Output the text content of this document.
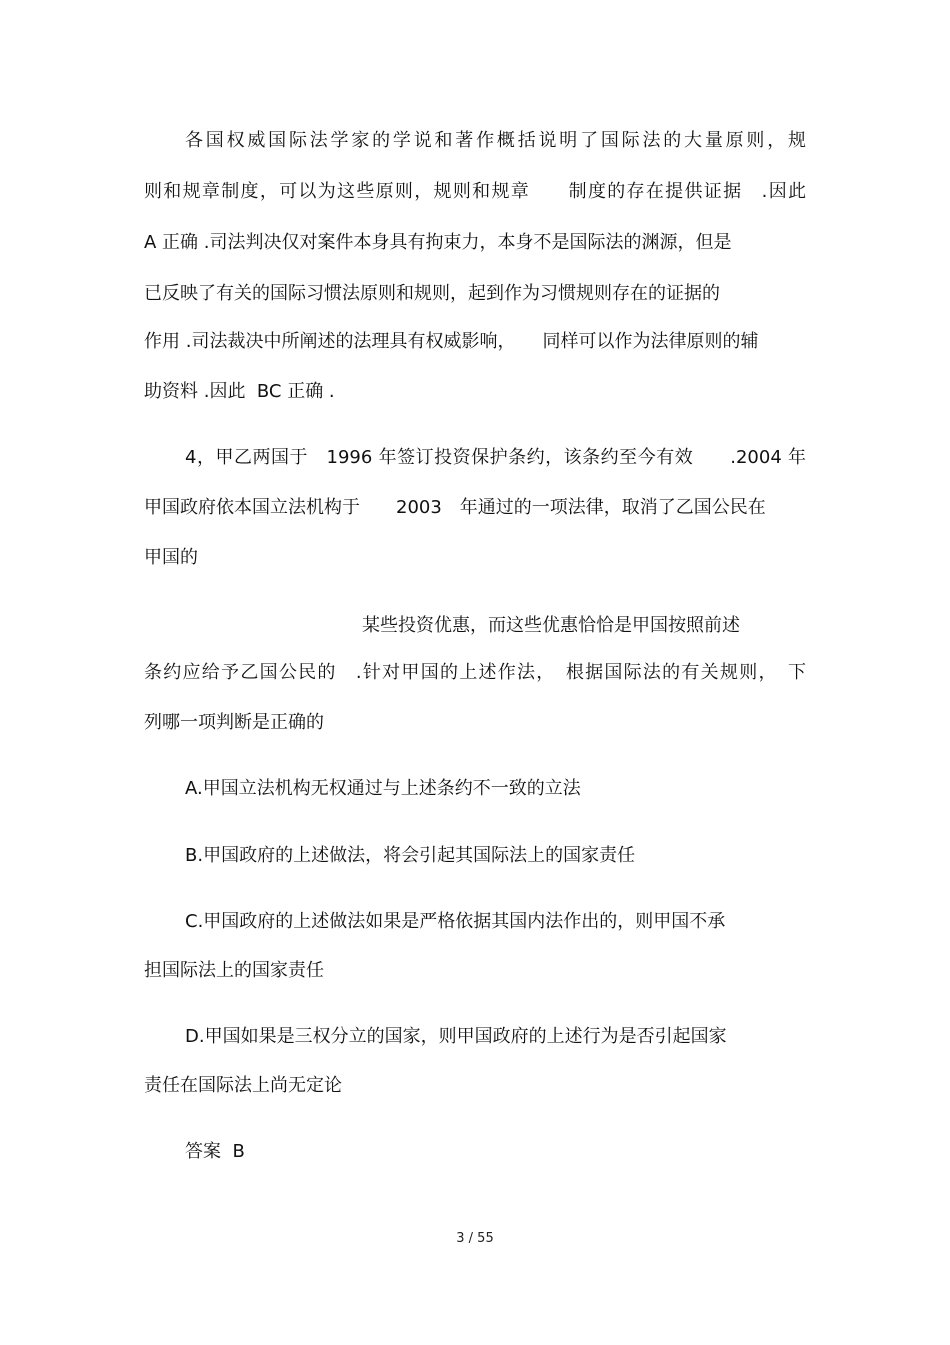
各国权威国际法学家的学说和著作概括说明了国际法的大量原则，规

则和规章制度，可以为这些原则，规则和规章　　制度的存在提供证据　.因此

A 正确 .司法判决仅对案件本身具有拘束力，本身不是国际法的渊源，但是

已反映了有关的国际习惯法原则和规则，起到作为习惯规则存在的证据的

作用 .司法裁决中所阐述的法理具有权威影响，　　同样可以作为法律原则的辅

助资料 .因此  BC 正确 .

4，甲乙两国于　1996 年签订投资保护条约，该条约至今有效　　.2004 年

甲国政府依本国立法机构于　　2003　年通过的一项法律，取消了乙国公民在

甲国的

某些投资优惠，而这些优惠恰恰是甲国按照前述

条约应给予乙国公民的　.针对甲国的上述作法，　根据国际法的有关规则，　下

列哪一项判断是正确的

A.甲国立法机构无权通过与上述条约不一致的立法

B.甲国政府的上述做法，将会引起其国际法上的国家责任

C.甲国政府的上述做法如果是严格依据其国内法作出的，则甲国不承

担国际法上的国家责任

D.甲国如果是三权分立的国家，则甲国政府的上述行为是否引起国家

责任在国际法上尚无定论

答案  B

3 / 55
